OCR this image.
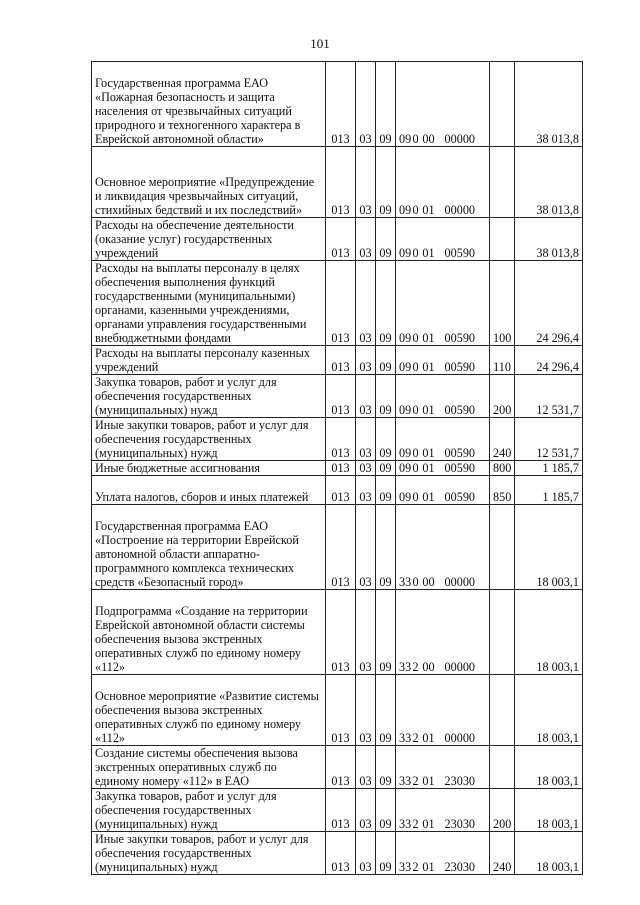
101
Государственная программа ЕАО «Пожарная безопасность и защита населения от чрезвычайных ситуаций природного и техногенного характера в Еврейской автономной области»	013	03	09	090 00 00000		38 013,8
Основное мероприятие «Предупреждение и ликвидация чрезвычайных ситуаций, стихийных бедствий и их последствий»	013	03	09	090 01 00000		38 013,8
Расходы на обеспечение деятельности (оказание услуг) государственных учреждений	013	03	09	090 01 00590		38 013,8
Расходы на выплаты персоналу в целях обеспечения выполнения функций государственными (муниципальными) органами, казенными учреждениями, органами управления государственными внебюджетными фондами	013	03	09	090 01 00590	100	24 296,4
Расходы на выплаты персоналу казенных учреждений	013	03	09	090 01 00590	110	24 296,4
Закупка товаров, работ и услуг для обеспечения государственных (муниципальных) нужд	013	03	09	090 01 00590	200	12 531,7
Иные закупки товаров, работ и услуг для обеспечения государственных (муниципальных) нужд	013	03	09	090 01 00590	240	12 531,7
Иные бюджетные ассигнования	013	03	09	090 01 00590	800	1 185,7
Уплата налогов, сборов и иных платежей	013	03	09	090 01 00590	850	1 185,7
Государственная программа ЕАО «Построение на территории Еврейской автономной области аппаратно-программного комплекса технических средств «Безопасный город»	013	03	09	330 00 00000		18 003,1
Подпрограмма «Создание на территории Еврейской автономной области системы обеспечения вызова экстренных оперативных служб по единому номеру «112»	013	03	09	332 00 00000		18 003,1
Основное мероприятие «Развитие системы обеспечения вызова экстренных оперативных служб по единому номеру «112»	013	03	09	332 01 00000		18 003,1
Создание системы обеспечения вызова экстренных оперативных служб по единому номеру «112» в ЕАО	013	03	09	332 01 23030		18 003,1
Закупка товаров, работ и услуг для обеспечения государственных (муниципальных) нужд	013	03	09	332 01 23030	200	18 003,1
Иные закупки товаров, работ и услуг для обеспечения государственных (муниципальных) нужд	013	03	09	332 01 23030	240	18 003,1
